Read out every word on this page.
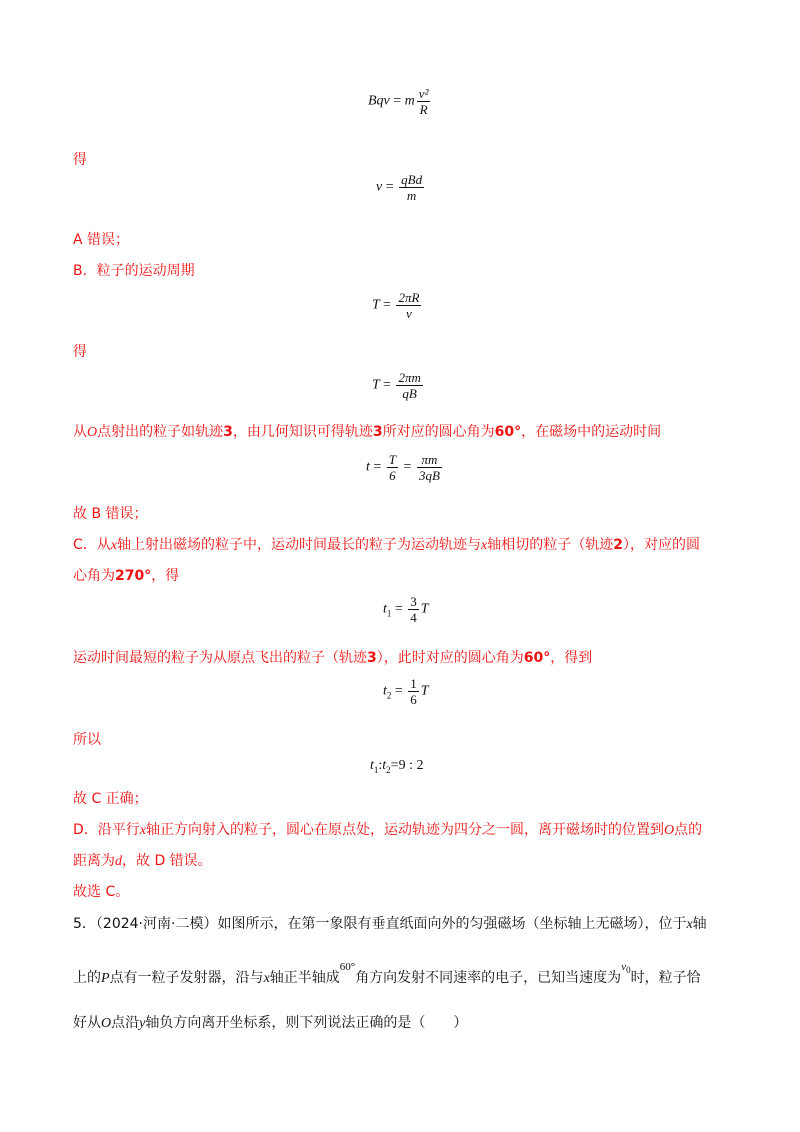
Bqv = m $\frac{\text{v²}}{R}$
得
$v = \frac{\text{qBd}}{m}$
A 错误；
B．粒子的运动周期
$T = \frac{2\pi R}{v}$
得
$T = \frac{2\pi m}{qB}$
从O点射出的粒子如轨迹3，由几何知识可得轨迹3所对应的圆心角为60°，在磁场中的运动时间
$t = \frac{T}{6} = \frac{\pi m}{3qB}$
故 B 错误；
C．从x轴上射出磁场的粒子中，运动时间最长的粒子为运动轨迹与x轴相切的粒子（轨迹2），对应的圆
心角为270°，得
$t_1 = \frac{3}{4}$ T
运动时间最短的粒子为从原点飞出的粒子（轨迹3），此时对应的圆心角为60°，得到
$t_2 = \frac{1}{6}$ T
所以
$t_1:t_2=9$ : 2
故 C 正确；
D．沿平行x轴正方向射入的粒子，圆心在原点处，运动轨迹为四分之一圆，离开磁场时的位置到O点的
距离为d，故 D 错误。
故选 C。
5．（2024·河南·二模）如图所示，在第一象限有垂直纸面向外的匀强磁场（坐标轴上无磁场），位于x轴
上的P点有一粒子发射器，沿与x轴正半轴成$^{60^\circ}$角方向发射不同速率的电子，已知当速度为$^{v_0}$时，粒子恰
好从O点沿y轴负方向离开坐标系，则下列说法正确的是（ ）
